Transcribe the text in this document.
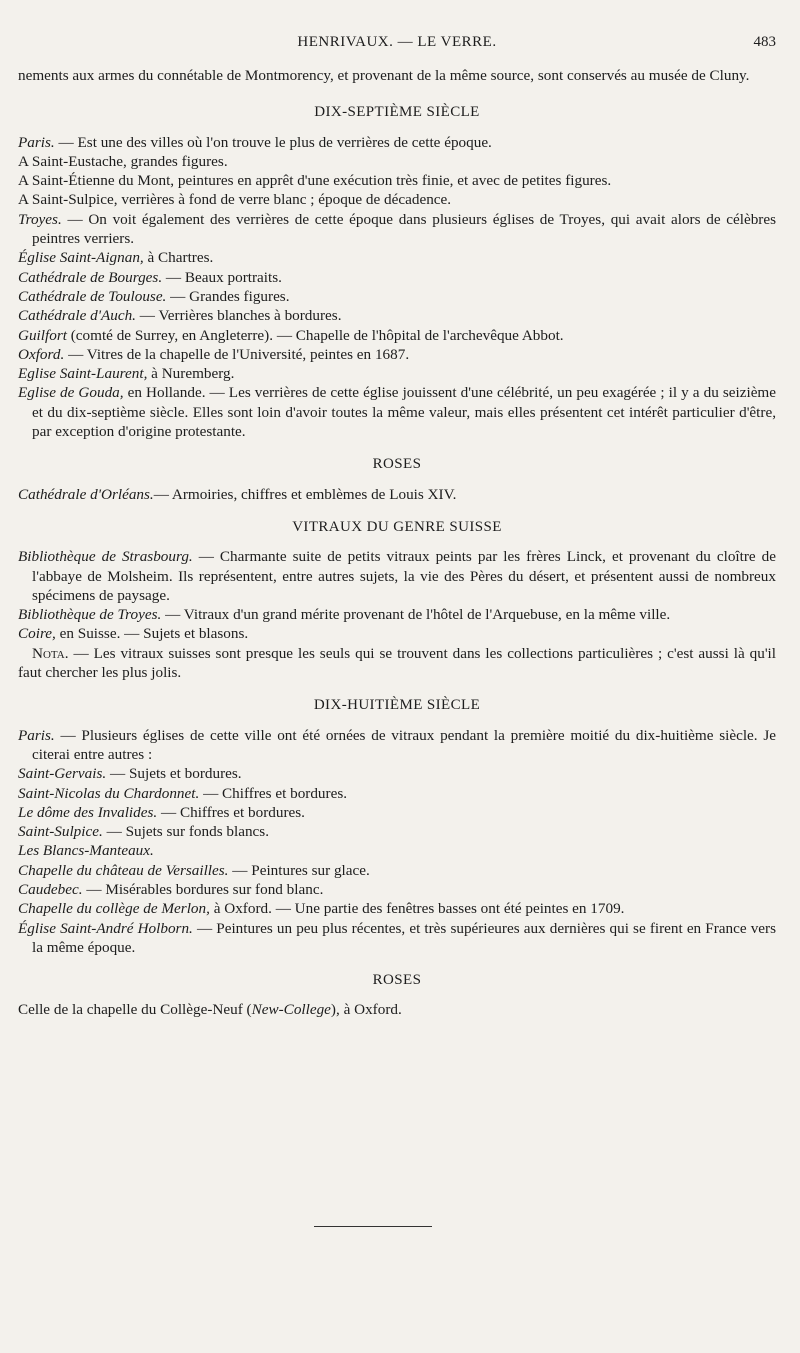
HENRIVAUX. — LE VERRE.	483

nements aux armes du connétable de Montmorency, et provenant de la même source, sont conservés au musée de Cluny.

DIX-SEPTIÈME SIÈCLE

Paris. — Est une des villes où l'on trouve le plus de verrières de cette époque.

A Saint-Eustache, grandes figures.

A Saint-Étienne du Mont, peintures en apprêt d'une exécution très finie, et avec de petites figures.

A Saint-Sulpice, verrières à fond de verre blanc ; époque de décadence.

Troyes. — On voit également des verrières de cette époque dans plusieurs églises de Troyes, qui avait alors de célèbres peintres verriers.

Église Saint-Aignan, à Chartres.

Cathédrale de Bourges. — Beaux portraits.

Cathédrale de Toulouse. — Grandes figures.

Cathédrale d'Auch. — Verrières blanches à bordures.

Guilfort (comté de Surrey, en Angleterre). — Chapelle de l'hôpital de l'archevêque Abbot.

Oxford. — Vitres de la chapelle de l'Université, peintes en 1687.

Eglise Saint-Laurent, à Nuremberg.

Eglise de Gouda, en Hollande. — Les verrières de cette église jouissent d'une célébrité, un peu exagérée ; il y a du seizième et du dix-septième siècle. Elles sont loin d'avoir toutes la même valeur, mais elles présentent cet intérêt particulier d'être, par exception d'origine protestante.

ROSES

Cathédrale d'Orléans.— Armoiries, chiffres et emblèmes de Louis XIV.

VITRAUX DU GENRE SUISSE

Bibliothèque de Strasbourg. — Charmante suite de petits vitraux peints par les frères Linck, et provenant du cloître de l'abbaye de Molsheim. Ils représentent, entre autres sujets, la vie des Pères du désert, et présentent aussi de nombreux spécimens de paysage.

Bibliothèque de Troyes. — Vitraux d'un grand mérite provenant de l'hôtel de l'Arquebuse, en la même ville.

Coire, en Suisse. — Sujets et blasons.

Nota. — Les vitraux suisses sont presque les seuls qui se trouvent dans les collections particulières ; c'est aussi là qu'il faut chercher les plus jolis.

DIX-HUITIÈME SIÈCLE

Paris. — Plusieurs églises de cette ville ont été ornées de vitraux pendant la première moitié du dix-huitième siècle. Je citerai entre autres :

Saint-Gervais. — Sujets et bordures.

Saint-Nicolas du Chardonnet. — Chiffres et bordures.

Le dôme des Invalides. — Chiffres et bordures.

Saint-Sulpice. — Sujets sur fonds blancs.

Les Blancs-Manteaux.

Chapelle du château de Versailles. — Peintures sur glace.

Caudebec. — Misérables bordures sur fond blanc.

Chapelle du collège de Merlon, à Oxford. — Une partie des fenêtres basses ont été peintes en 1709.

Église Saint-André Holborn. — Peintures un peu plus récentes, et très supérieures aux dernières qui se firent en France vers la même époque.

ROSES

Celle de la chapelle du Collège-Neuf (New-College), à Oxford.
